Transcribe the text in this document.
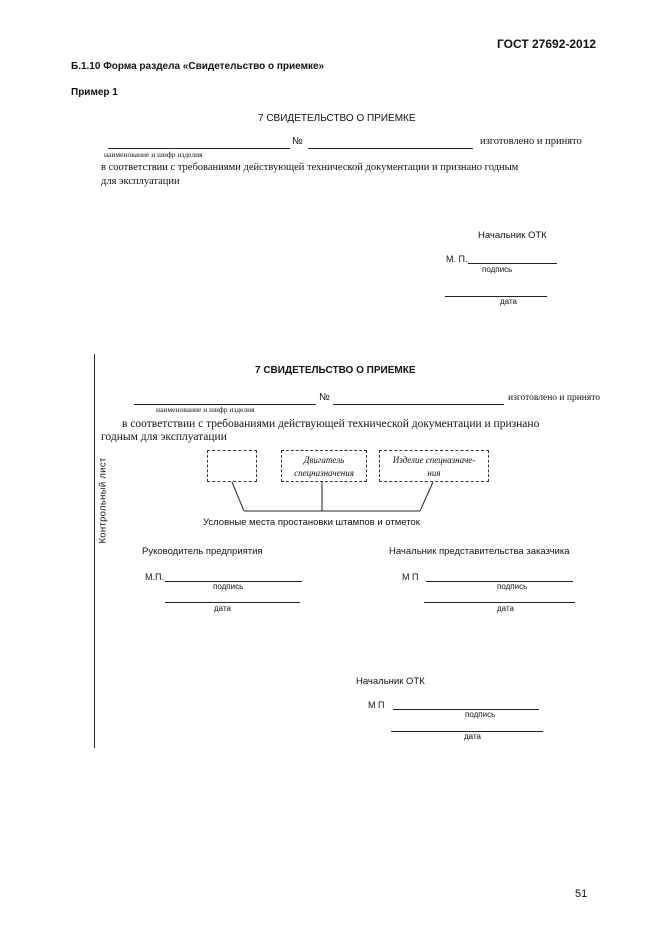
ГОСТ 27692-2012
Б.1.10 Форма раздела «Свидетельство о приемке»
Пример 1
7 СВИДЕТЕЛЬСТВО О ПРИЕМКЕ
№	изготовлено и принято
наименование и шифр изделия
в соответствии с требованиями действующей технической документации и признано годным
для эксплуатации
Начальник ОТК
М. П.
подпись
дата
Контрольный лист
7 СВИДЕТЕЛЬСТВО О ПРИЕМКЕ
№	изготовлено и принято
наименование и шифр изделия
в соответствии с требованиями действующей технической документации и признано
годным для эксплуатации
Двигатель
спецназначения
Изделие спецназначе-
ния
Условные места простановки штампов и отметок
Руководитель предприятия	Начальник представительства заказчика
М.П.
подпись
дата
М П
подпись
дата
Начальник ОТК
М П
подпись
дата
51
